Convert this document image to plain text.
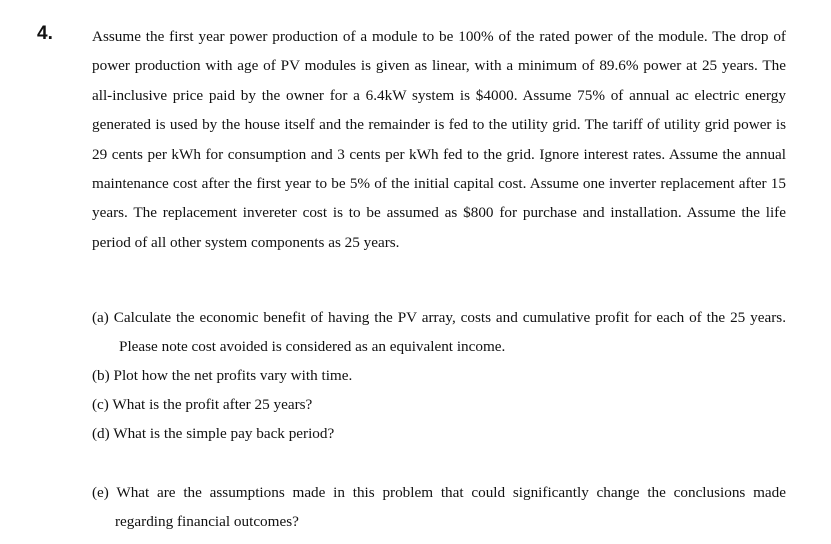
4.	Assume the first year power production of a module to be 100% of the rated power of the module. The drop of power production with age of PV modules is given as linear, with a minimum of 89.6% power at 25 years. The all-inclusive price paid by the owner for a 6.4kW system is $4000. Assume 75% of annual ac electric energy generated is used by the house itself and the remainder is fed to the utility grid. The tariff of utility grid power is 29 cents per kWh for consumption and 3 cents per kWh fed to the grid. Ignore interest rates. Assume the annual maintenance cost after the first year to be 5% of the initial capital cost. Assume one inverter replacement after 15 years. The replacement invereter cost is to be assumed as $800 for purchase and installation. Assume the life period of all other system components as 25 years.

(a) Calculate the economic benefit of having the PV array, costs and cumulative profit for each of the 25 years. Please note cost avoided is considered as an equivalent income.

(b) Plot how the net profits vary with time.

(c) What is the profit after 25 years?

(d) What is the simple pay back period?

(e) What are the assumptions made in this problem that could significantly change the conclusions made regarding financial outcomes?
